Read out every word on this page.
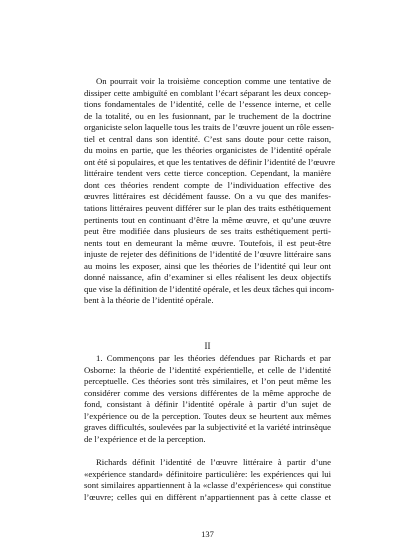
On pourrait voir la troisième conception comme une tentative de
dissiper cette ambiguïté en comblant l’écart séparant les deux concep-
tions fondamentales de l’identité, celle de l’essence interne, et celle
de la totalité, ou en les fusionnant, par le truchement de la doctrine
organiciste selon laquelle tous les traits de l’œuvre jouent un rôle essen-
tiel et central dans son identité. C’est sans doute pour cette raison,
du moins en partie, que les théories organicistes de l’identité opérale
ont été si populaires, et que les tentatives de définir l’identité de l’œuvre
littéraire tendent vers cette tierce conception. Cependant, la manière
dont ces théories rendent compte de l’individuation effective des
œuvres littéraires est décidément fausse. On a vu que des manifes-
tations littéraires peuvent différer sur le plan des traits esthétiquement
pertinents tout en continuant d’être la même œuvre, et qu’une œuvre
peut être modifiée dans plusieurs de ses traits esthétiquement perti-
nents tout en demeurant la même œuvre. Toutefois, il est peut-être
injuste de rejeter des définitions de l’identité de l’œuvre littéraire sans
au moins les exposer, ainsi que les théories de l’identité qui leur ont
donné naissance, afin d’examiner si elles réalisent les deux objectifs
que vise la définition de l’identité opérale, et les deux tâches qui incom-
bent à la théorie de l’identité opérale.
II
1. Commençons par les théories défendues par Richards et par
Osborne: la théorie de l’identité expérientielle, et celle de l’identité
perceptuelle. Ces théories sont très similaires, et l’on peut même les
considérer comme des versions différentes de la même approche de
fond, consistant à définir l’identité opérale à partir d’un sujet de
l’expérience ou de la perception. Toutes deux se heurtent aux mêmes
graves difficultés, soulevées par la subjectivité et la variété intrinsèque
de l’expérience et de la perception.
Richards définit l’identité de l’œuvre littéraire à partir d’une
«expérience standard» définitoire particulière: les expériences qui lui
sont similaires appartiennent à la «classe d’expériences» qui constitue
l’œuvre; celles qui en diffèrent n’appartiennent pas à cette classe et
137
